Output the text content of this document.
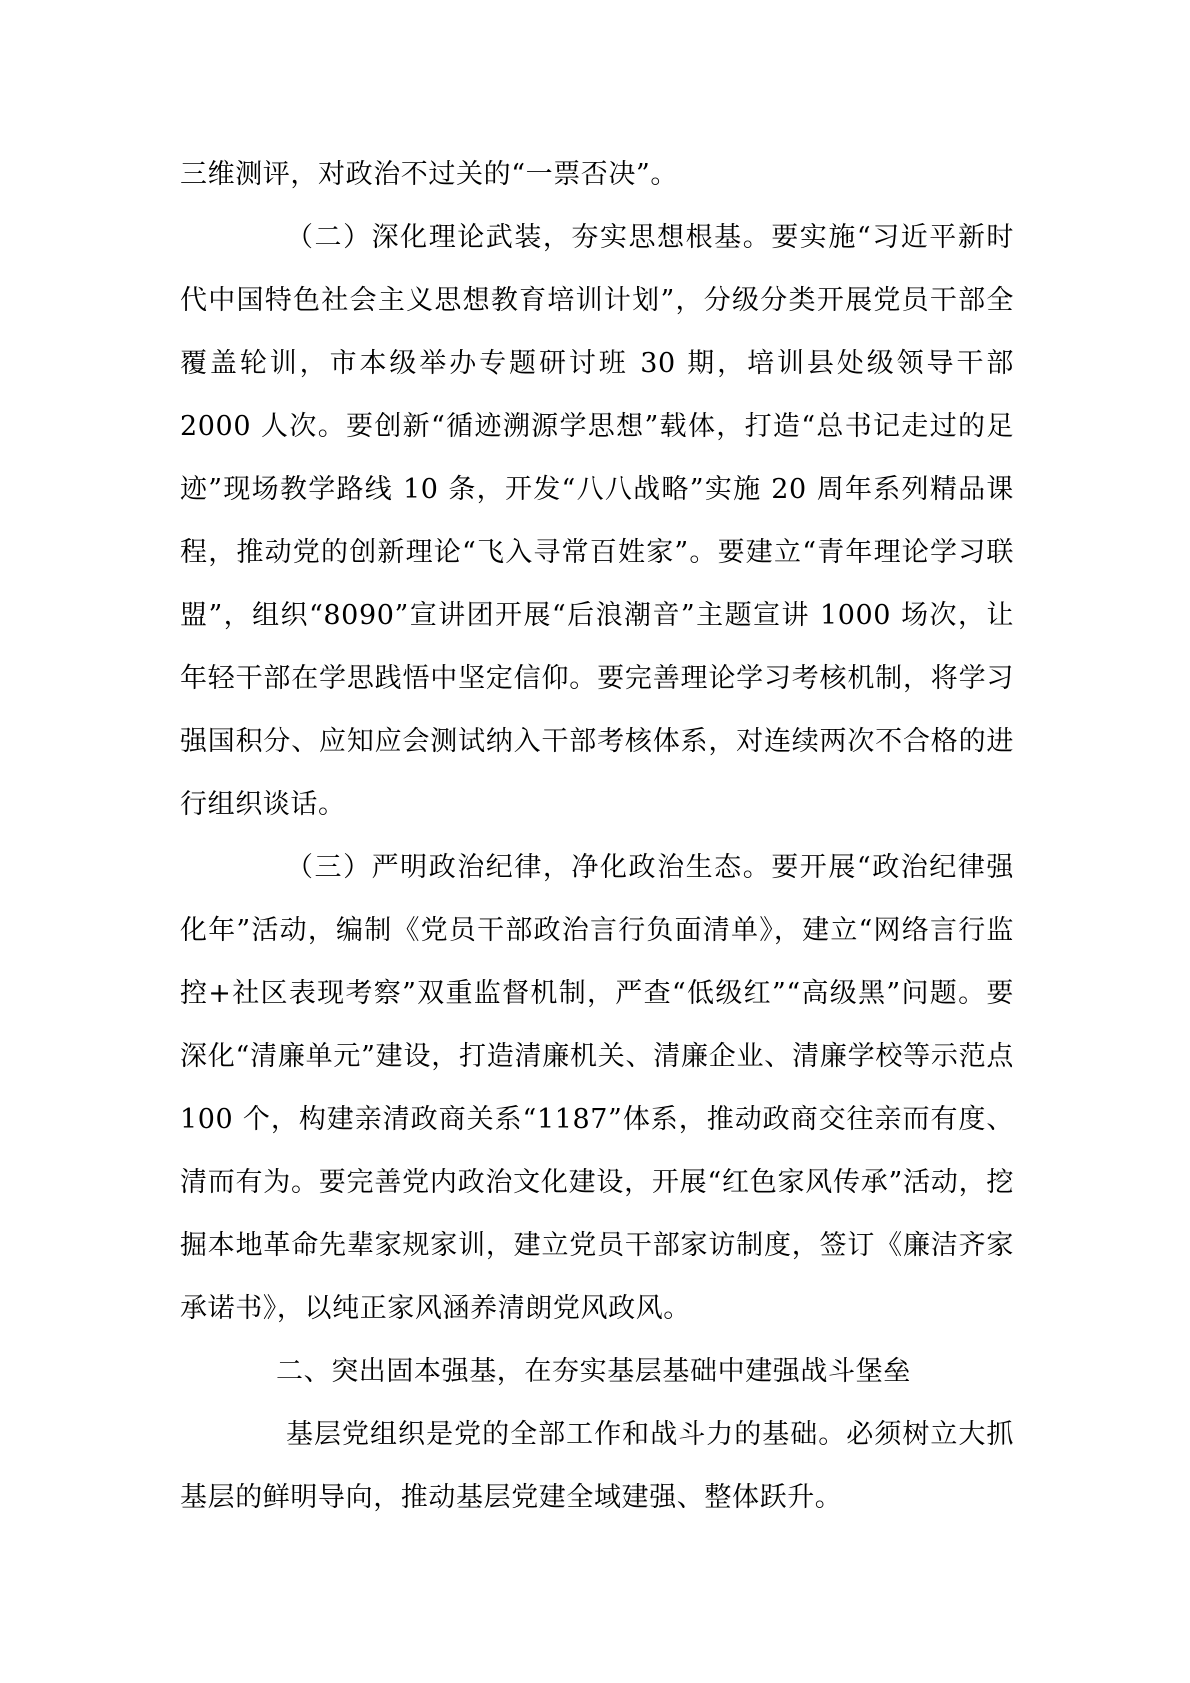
三维测评，对政治不过关的“一票否决”。

（二）深化理论武装，夯实思想根基。要实施“习近平新时代中国特色社会主义思想教育培训计划”，分级分类开展党员干部全覆盖轮训，市本级举办专题研讨班 30 期，培训县处级领导干部 2000 人次。要创新“循迹溯源学思想”载体，打造“总书记走过的足迹”现场教学路线 10 条，开发“八八战略”实施 20 周年系列精品课程，推动党的创新理论“飞入寻常百姓家”。要建立“青年理论学习联盟”，组织“8090”宣讲团开展“后浪潮音”主题宣讲 1000 场次，让年轻干部在学思践悟中坚定信仰。要完善理论学习考核机制，将学习强国积分、应知应会测试纳入干部考核体系，对连续两次不合格的进行组织谈话。

（三）严明政治纪律，净化政治生态。要开展“政治纪律强化年”活动，编制《党员干部政治言行负面清单》，建立“网络言行监控+社区表现考察”双重监督机制，严查“低级红”“高级黑”问题。要深化“清廉单元”建设，打造清廉机关、清廉企业、清廉学校等示范点 100 个，构建亲清政商关系“1187”体系，推动政商交往亲而有度、清而有为。要完善党内政治文化建设，开展“红色家风传承”活动，挖掘本地革命先辈家规家训，建立党员干部家访制度，签订《廉洁齐家承诺书》，以纯正家风涵养清朗党风政风。

二、突出固本强基，在夯实基层基础中建强战斗堡垒

基层党组织是党的全部工作和战斗力的基础。必须树立大抓基层的鲜明导向，推动基层党建全域建强、整体跃升。
